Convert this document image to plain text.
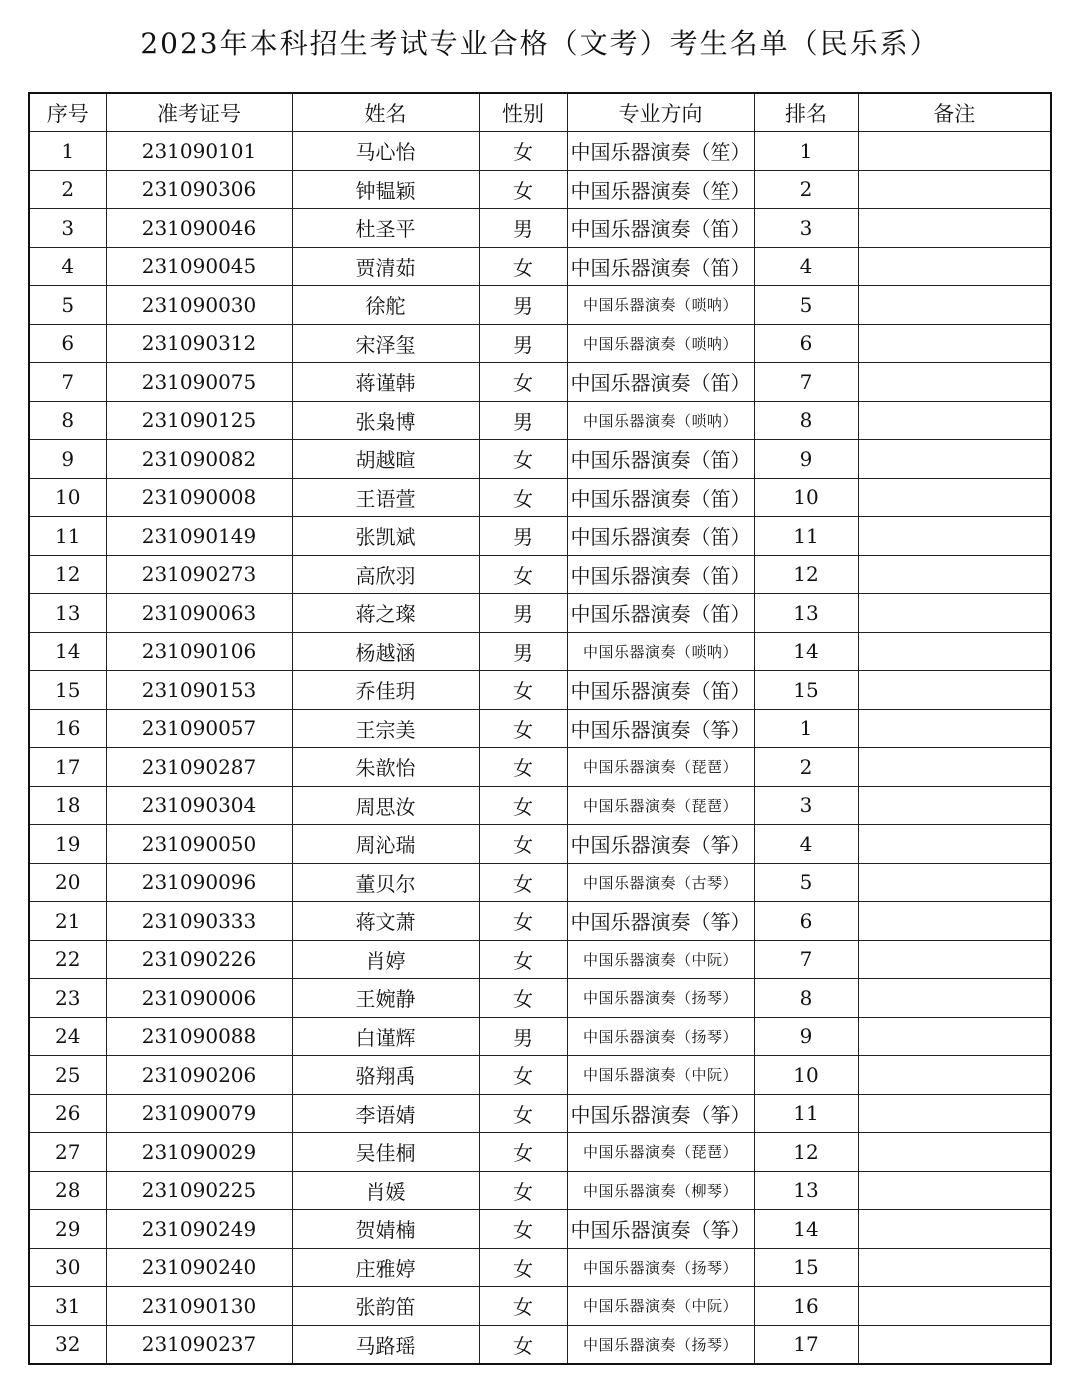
2023年本科招生考试专业合格（文考）考生名单（民乐系）
序号	准考证号	姓名	性别	专业方向	排名	备注
1	231090101	马心怡	女	中国乐器演奏（笙）	1	
2	231090306	钟韫颖	女	中国乐器演奏（笙）	2	
3	231090046	杜圣平	男	中国乐器演奏（笛）	3	
4	231090045	贾清茹	女	中国乐器演奏（笛）	4	
5	231090030	徐舵	男	中国乐器演奏（唢呐）	5	
6	231090312	宋泽玺	男	中国乐器演奏（唢呐）	6	
7	231090075	蒋谨韩	女	中国乐器演奏（笛）	7	
8	231090125	张枭博	男	中国乐器演奏（唢呐）	8	
9	231090082	胡越暄	女	中国乐器演奏（笛）	9	
10	231090008	王语萱	女	中国乐器演奏（笛）	10	
11	231090149	张凯斌	男	中国乐器演奏（笛）	11	
12	231090273	高欣羽	女	中国乐器演奏（笛）	12	
13	231090063	蒋之璨	男	中国乐器演奏（笛）	13	
14	231090106	杨越涵	男	中国乐器演奏（唢呐）	14	
15	231090153	乔佳玥	女	中国乐器演奏（笛）	15	
16	231090057	王宗美	女	中国乐器演奏（筝）	1	
17	231090287	朱歆怡	女	中国乐器演奏（琵琶）	2	
18	231090304	周思汝	女	中国乐器演奏（琵琶）	3	
19	231090050	周沁瑞	女	中国乐器演奏（筝）	4	
20	231090096	董贝尔	女	中国乐器演奏（古琴）	5	
21	231090333	蒋文萧	女	中国乐器演奏（筝）	6	
22	231090226	肖婷	女	中国乐器演奏（中阮）	7	
23	231090006	王婉静	女	中国乐器演奏（扬琴）	8	
24	231090088	白谨辉	男	中国乐器演奏（扬琴）	9	
25	231090206	骆翔禹	女	中国乐器演奏（中阮）	10	
26	231090079	李语婧	女	中国乐器演奏（筝）	11	
27	231090029	吴佳桐	女	中国乐器演奏（琵琶）	12	
28	231090225	肖媛	女	中国乐器演奏（柳琴）	13	
29	231090249	贺婧楠	女	中国乐器演奏（筝）	14	
30	231090240	庄雅婷	女	中国乐器演奏（扬琴）	15	
31	231090130	张韵笛	女	中国乐器演奏（中阮）	16	
32	231090237	马路瑶	女	中国乐器演奏（扬琴）	17	
